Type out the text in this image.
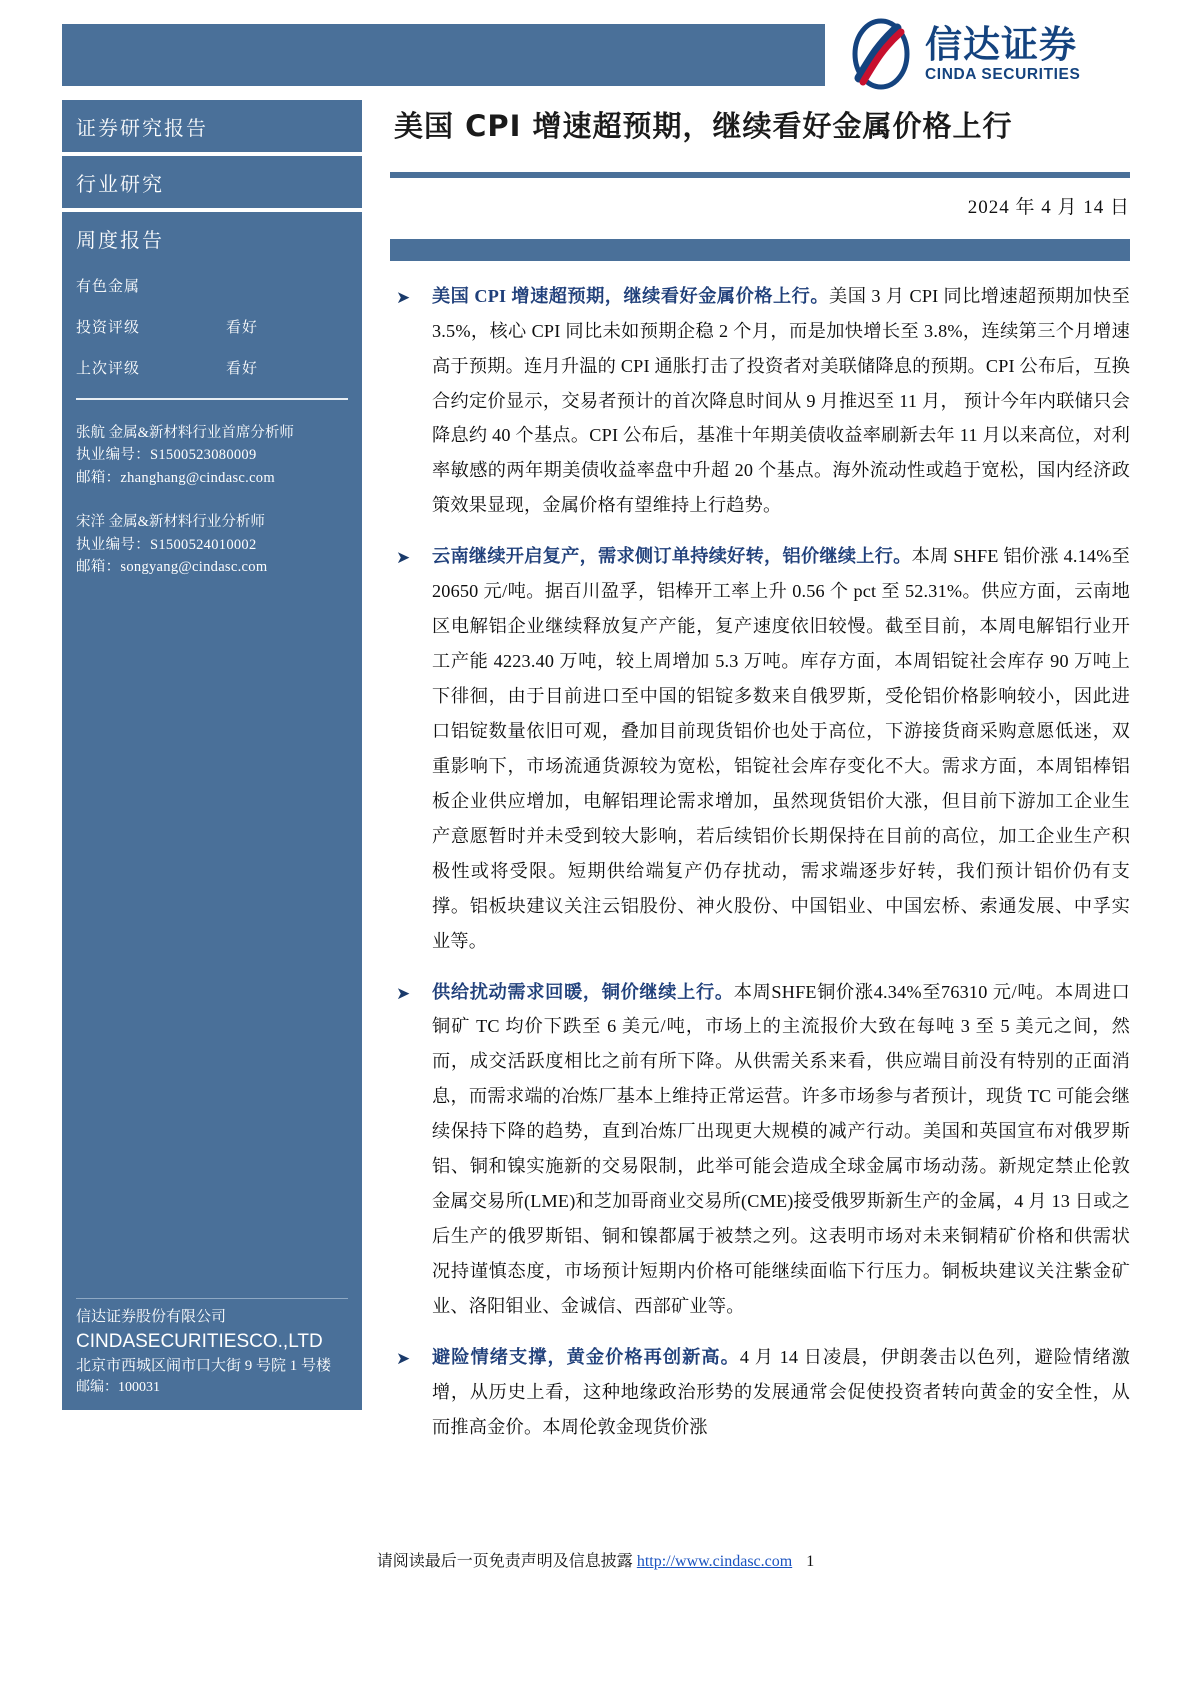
信达证券
CINDA SECURITIES
证券研究报告
行业研究
周度报告
有色金属
投资评级	看好
上次评级	看好
张航 金属&新材料行业首席分析师
执业编号：S1500523080009
邮箱：zhanghang@cindasc.com
宋洋 金属&新材料行业分析师
执业编号：S1500524010002
邮箱：songyang@cindasc.com
信达证券股份有限公司
CINDASECURITIESCO.,LTD
北京市西城区闹市口大街 9 号院 1 号楼
邮编：100031
美国 CPI 增速超预期，继续看好金属价格上行
2024 年 4 月 14 日
➤ 美国 CPI 增速超预期，继续看好金属价格上行。美国 3 月 CPI 同比增速超预期加快至 3.5%，核心 CPI 同比未如预期企稳 2 个月，而是加快增长至 3.8%，连续第三个月增速高于预期。连月升温的 CPI 通胀打击了投资者对美联储降息的预期。CPI 公布后，互换合约定价显示，交易者预计的首次降息时间从 9 月推迟至 11 月， 预计今年内联储只会降息约 40 个基点。CPI 公布后，基准十年期美债收益率刷新去年 11 月以来高位，对利率敏感的两年期美债收益率盘中升超 20 个基点。海外流动性或趋于宽松，国内经济政策效果显现，金属价格有望维持上行趋势。
➤ 云南继续开启复产，需求侧订单持续好转，铝价继续上行。本周 SHFE 铝价涨 4.14%至 20650 元/吨。据百川盈孚，铝棒开工率上升 0.56 个 pct 至 52.31%。供应方面，云南地区电解铝企业继续释放复产产能，复产速度依旧较慢。截至目前，本周电解铝行业开工产能 4223.40 万吨，较上周增加 5.3 万吨。库存方面，本周铝锭社会库存 90 万吨上下徘徊，由于目前进口至中国的铝锭多数来自俄罗斯，受伦铝价格影响较小，因此进口铝锭数量依旧可观，叠加目前现货铝价也处于高位，下游接货商采购意愿低迷，双重影响下，市场流通货源较为宽松，铝锭社会库存变化不大。需求方面，本周铝棒铝板企业供应增加，电解铝理论需求增加，虽然现货铝价大涨，但目前下游加工企业生产意愿暂时并未受到较大影响，若后续铝价长期保持在目前的高位，加工企业生产积极性或将受限。短期供给端复产仍存扰动，需求端逐步好转，我们预计铝价仍有支撑。铝板块建议关注云铝股份、神火股份、中国铝业、中国宏桥、索通发展、中孚实业等。
➤ 供给扰动需求回暖，铜价继续上行。本周SHFE铜价涨4.34%至76310 元/吨。本周进口铜矿 TC 均价下跌至 6 美元/吨，市场上的主流报价大致在每吨 3 至 5 美元之间，然而，成交活跃度相比之前有所下降。从供需关系来看，供应端目前没有特别的正面消息，而需求端的冶炼厂基本上维持正常运营。许多市场参与者预计，现货 TC 可能会继续保持下降的趋势，直到冶炼厂出现更大规模的减产行动。美国和英国宣布对俄罗斯铝、铜和镍实施新的交易限制，此举可能会造成全球金属市场动荡。新规定禁止伦敦金属交易所(LME)和芝加哥商业交易所(CME)接受俄罗斯新生产的金属，4 月 13 日或之后生产的俄罗斯铝、铜和镍都属于被禁之列。这表明市场对未来铜精矿价格和供需状况持谨慎态度，市场预计短期内价格可能继续面临下行压力。铜板块建议关注紫金矿业、洛阳钼业、金诚信、西部矿业等。
➤ 避险情绪支撑，黄金价格再创新高。4 月 14 日凌晨，伊朗袭击以色列，避险情绪激增，从历史上看，这种地缘政治形势的发展通常会促使投资者转向黄金的安全性，从而推高金价。本周伦敦金现货价涨
请阅读最后一页免责声明及信息披露 http://www.cindasc.com 1
